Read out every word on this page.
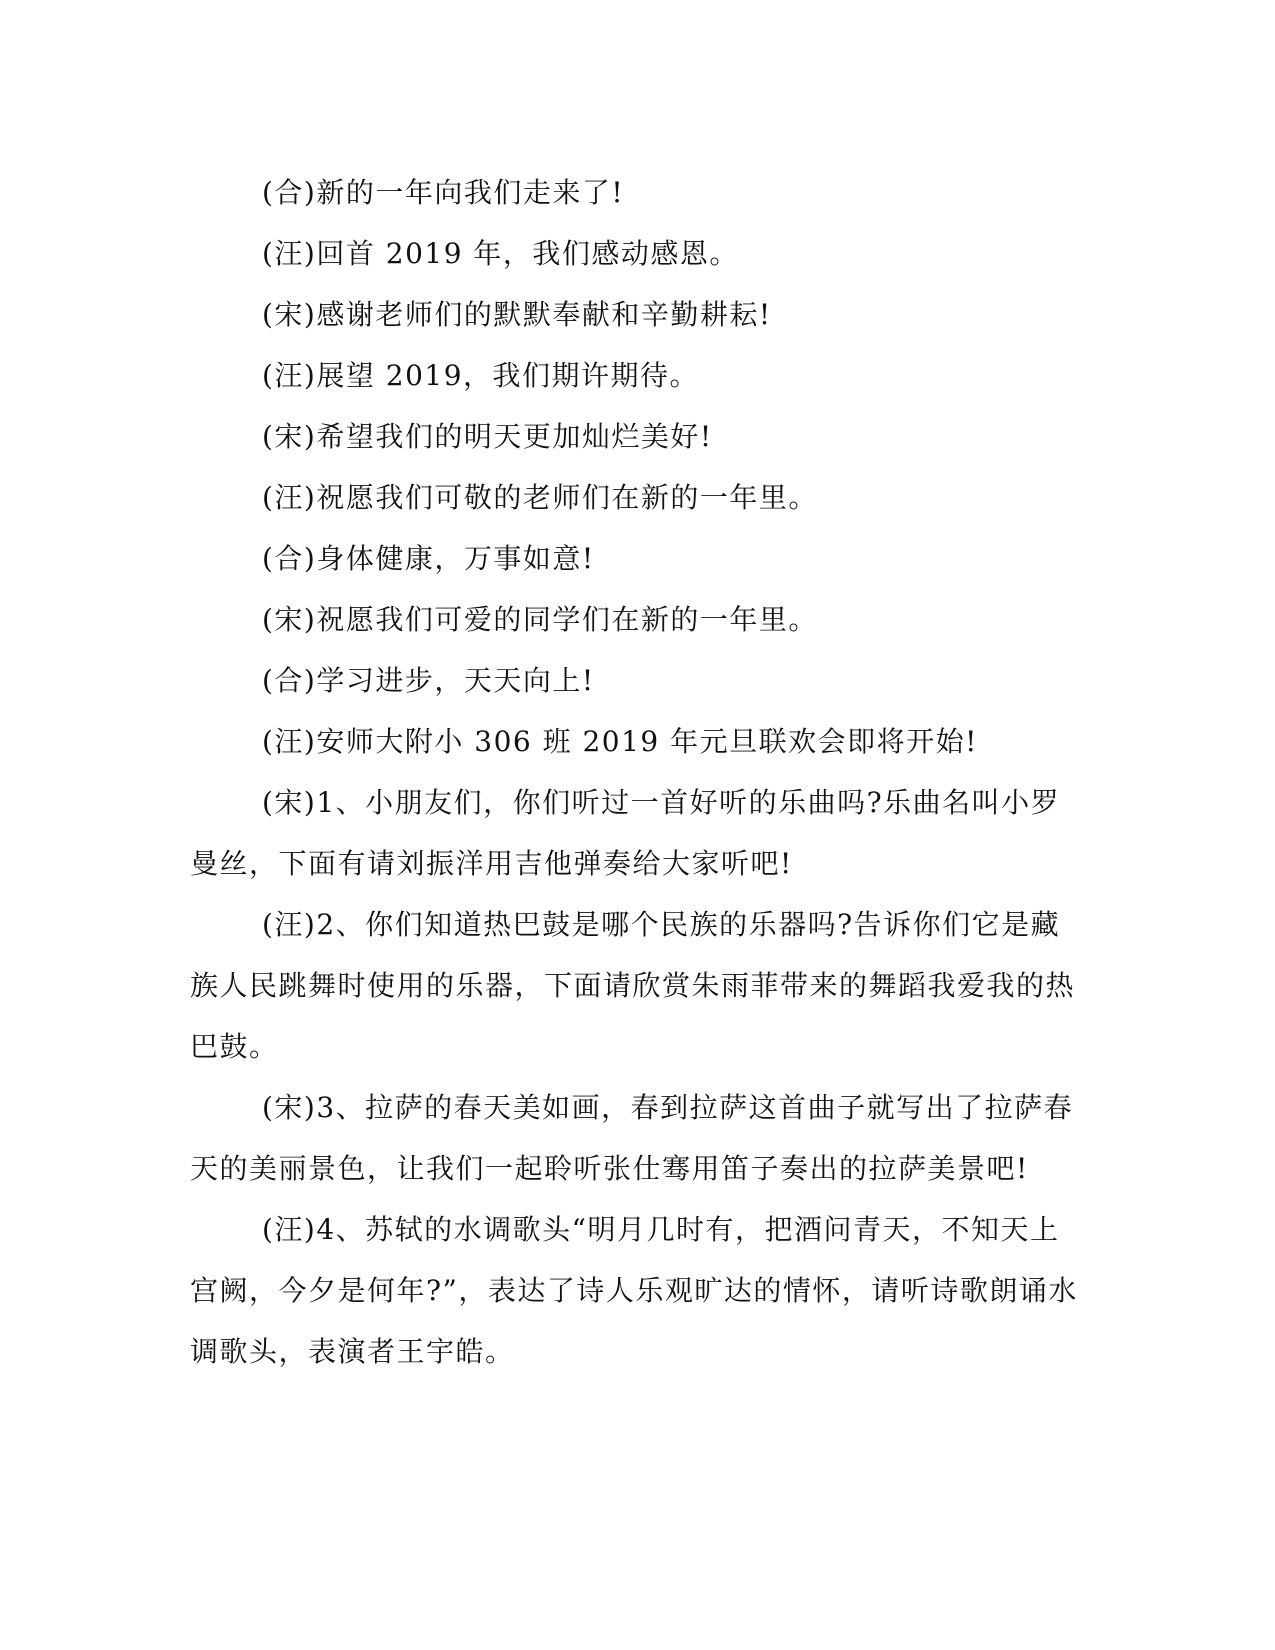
(合)新的一年向我们走来了!

(汪)回首 2019 年，我们感动感恩。

(宋)感谢老师们的默默奉献和辛勤耕耘!

(汪)展望 2019，我们期许期待。

(宋)希望我们的明天更加灿烂美好!

(汪)祝愿我们可敬的老师们在新的一年里。

(合)身体健康，万事如意!

(宋)祝愿我们可爱的同学们在新的一年里。

(合)学习进步，天天向上!

(汪)安师大附小 306 班 2019 年元旦联欢会即将开始!

(宋)1、小朋友们，你们听过一首好听的乐曲吗?乐曲名叫小罗曼丝，下面有请刘振洋用吉他弹奏给大家听吧!

(汪)2、你们知道热巴鼓是哪个民族的乐器吗?告诉你们它是藏族人民跳舞时使用的乐器，下面请欣赏朱雨菲带来的舞蹈我爱我的热巴鼓。

(宋)3、拉萨的春天美如画，春到拉萨这首曲子就写出了拉萨春天的美丽景色，让我们一起聆听张仕骞用笛子奏出的拉萨美景吧!

(汪)4、苏轼的水调歌头“明月几时有，把酒问青天，不知天上宫阙，今夕是何年?”，表达了诗人乐观旷达的情怀，请听诗歌朗诵水调歌头，表演者王宇皓。
